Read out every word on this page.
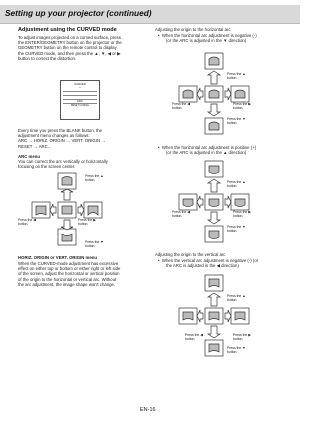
Setting up your projector (continued)
Adjustment using the CURVED mode
To adjust images projected on a curved surface, press
the ENTER/GEOMETRY button on the projector or the
GEOMETRY button on the remote control to display
the CURVED mode, and then press the ▲, ▼, ◀ or ▶
button to correct the distortion.
CURVED
⌒
ARC
RESET CANCEL
Every time you press the BLANK button, the
adjustment menu changes as follows:
ARC → HORIZ. ORIGIN → VERT. ORIGIN →
RESET → ARC...
ARC menu
You can correct the arc vertically or horizontally
focusing on the screen center.
Press the ▲
button.
Press the ◀
button.
Press the ▶
button.
Press the ▼
button.
HORIZ. ORIGIN or VERT. ORIGIN menu
When the CURVED-mode adjustment has excessive
effect on either top or bottom or either right or left side
of the screen, adjust the horizontal or vertical position
of the origin to the horizontal or vertical arc. Without
the arc adjustment, the image shape won't change.
Adjusting the origin to the horizontal arc
•  When the horizontal arc adjustment is negative (-)
(or the ARC is adjusted in the ▼ direction)
Press the ▲
button.
Press the ◀
button.
Press the ▶
button.
Press the ▼
button.
•  When the horizontal arc adjustment is positive (+)
(or the ARC is adjusted in the ▲ direction)
Press the ▲
button.
Press the ◀
button.
Press the ▶
button.
Press the ▼
button.
Adjusting the origin to the vertical arc
•  When the vertical arc adjustment is negative (-) (or
the ARC is adjusted in the ◀ direction)
Press the ▲
button.
Press the ◀
button.
Press the ▶
button.
Press the ▼
button.
EN-16
